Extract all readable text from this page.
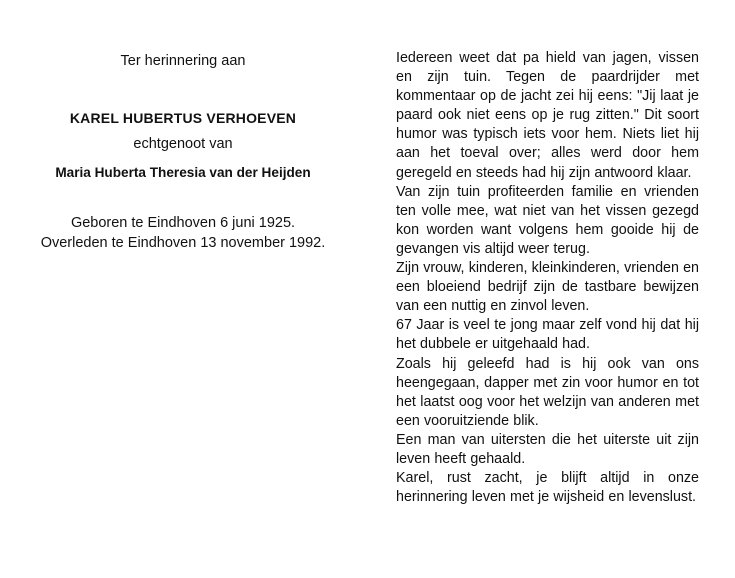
Ter herinnering aan

KAREL HUBERTUS VERHOEVEN

echtgenoot van

Maria Huberta Theresia van der Heijden

Geboren te Eindhoven 6 juni 1925.
Overleden te Eindhoven 13 november 1992.

Iedereen weet dat pa hield van jagen, vissen en zijn tuin. Tegen de paardrijder met kommentaar op de jacht zei hij eens: "Jij laat je paard ook niet eens op je rug zitten." Dit soort humor was typisch iets voor hem. Niets liet hij aan het toeval over; alles werd door hem geregeld en steeds had hij zijn antwoord klaar.

Van zijn tuin profiteerden familie en vrienden ten volle mee, wat niet van het vissen gezegd kon worden want volgens hem gooide hij de gevangen vis altijd weer terug.

Zijn vrouw, kinderen, kleinkinderen, vrienden en een bloeiend bedrijf zijn de tastbare bewijzen van een nuttig en zinvol leven.

67 Jaar is veel te jong maar zelf vond hij dat hij het dubbele er uitgehaald had.

Zoals hij geleefd had is hij ook van ons heengegaan, dapper met zin voor humor en tot het laatst oog voor het welzijn van anderen met een vooruitziende blik.

Een man van uitersten die het uiterste uit zijn leven heeft gehaald.

Karel, rust zacht, je blijft altijd in onze herinnering leven met je wijsheid en levenslust.
